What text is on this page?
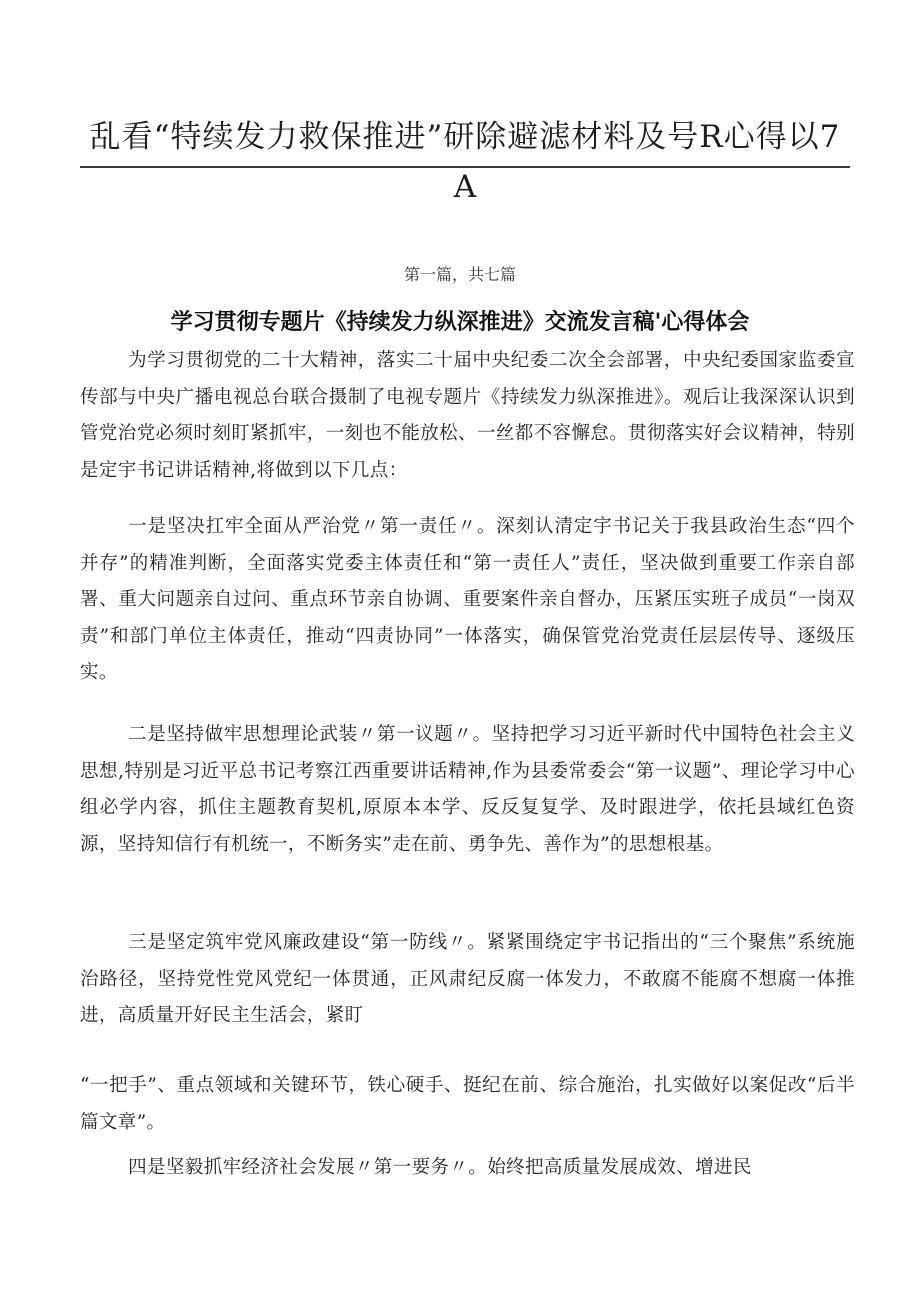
乱看“特续发力救保推进”研除避滤材料及号R心得以7
A
第一篇，共七篇
学习贯彻专题片《持续发力纵深推进》交流发言稿'心得体会

为学习贯彻党的二十大精神，落实二十届中央纪委二次全会部署，中央纪委国家监委宣传部与中央广播电视总台联合摄制了电视专题片《持续发力纵深推进》。观后让我深深认识到管党治党必须时刻盯紧抓牢，一刻也不能放松、一丝都不容懈怠。贯彻落实好会议精神，特别是定宇书记讲话精神,将做到以下几点：

一是坚决扛牢全面从严治党〃第一责任〃。深刻认清定宇书记关于我县政治生态“四个并存”的精准判断，全面落实党委主体责任和“第一责任人”责任，坚决做到重要工作亲自部署、重大问题亲自过问、重点环节亲自协调、重要案件亲自督办，压紧压实班子成员“一岗双责”和部门单位主体责任，推动“四责协同”一体落实，确保管党治党责任层层传导、逐级压实。

二是坚持做牢思想理论武装〃第一议题〃。坚持把学习习近平新时代中国特色社会主义思想,特别是习近平总书记考察江西重要讲话精神,作为县委常委会“第一议题”、理论学习中心组必学内容，抓住主题教育契机,原原本本学、反反复复学、及时跟进学，依托县域红色资源，坚持知信行有机统一，不断务实”走在前、勇争先、善作为”的思想根基。

三是坚定筑牢党风廉政建设“第一防线〃。紧紧围绕定宇书记指出的“三个聚焦”系统施治路径，坚持党性党风党纪一体贯通，正风肃纪反腐一体发力，不敢腐不能腐不想腐一体推进，高质量开好民主生活会，紧盯

“一把手”、重点领域和关键环节，铁心硬手、挺纪在前、综合施治，扎实做好以案促改“后半篇文章”。

四是坚毅抓牢经济社会发展〃第一要务〃。始终把高质量发展成效、增进民
